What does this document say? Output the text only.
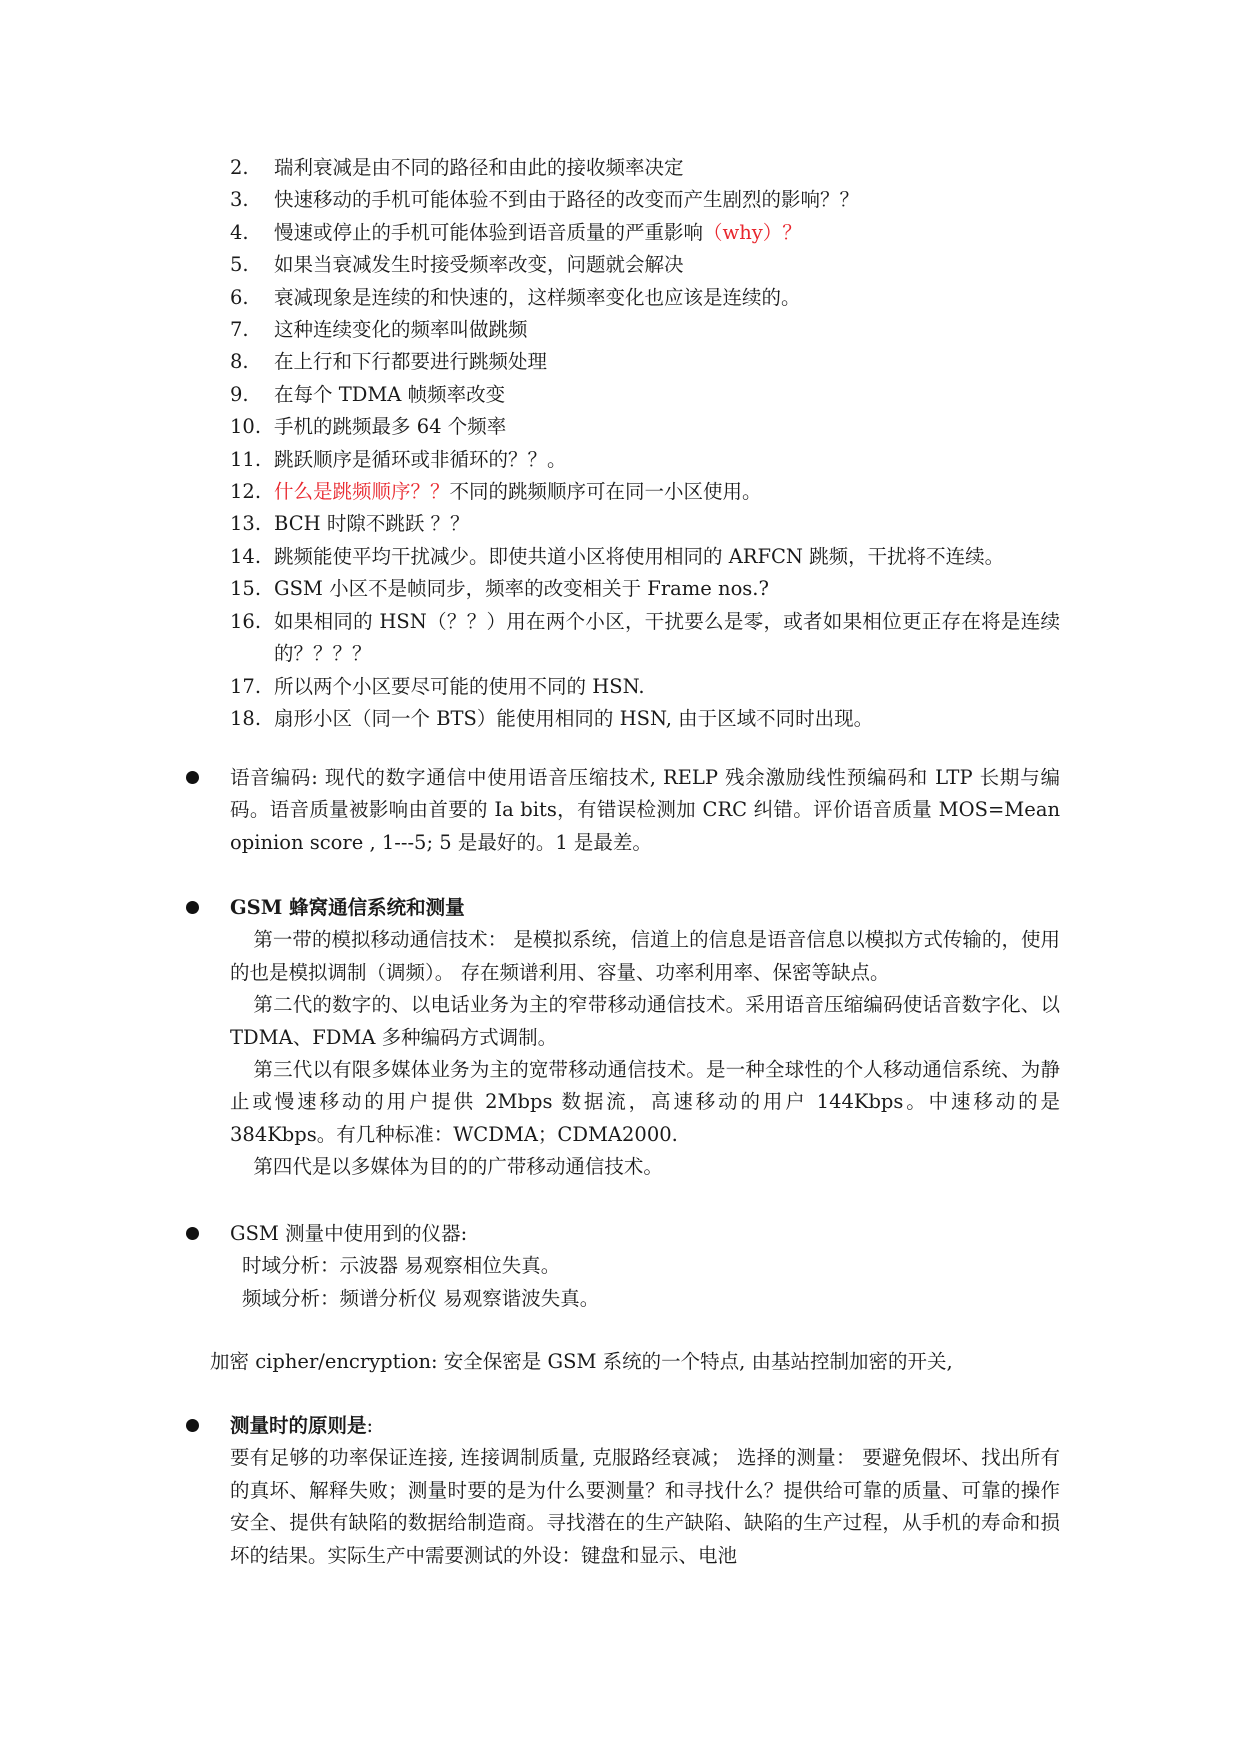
2. 瑞利衰减是由不同的路径和由此的接收频率决定
3. 快速移动的手机可能体验不到由于路径的改变而产生剧烈的影响？？
4. 慢速或停止的手机可能体验到语音质量的严重影响（why）？
5. 如果当衰减发生时接受频率改变，问题就会解决
6. 衰减现象是连续的和快速的，这样频率变化也应该是连续的。
7. 这种连续变化的频率叫做跳频
8. 在上行和下行都要进行跳频处理
9. 在每个 TDMA 帧频率改变
10. 手机的跳频最多 64 个频率
11. 跳跃顺序是循环或非循环的？？。
12. 什么是跳频顺序？？不同的跳频顺序可在同一小区使用。
13. BCH 时隙不跳跃 ？？
14. 跳频能使平均干扰减少。即使共道小区将使用相同的 ARFCN 跳频，干扰将不连续。
15. GSM 小区不是帧同步，频率的改变相关于 Frame nos.?
16. 如果相同的 HSN（？？）用在两个小区，干扰要么是零，或者如果相位更正存在将是连续的？？？？
17. 所以两个小区要尽可能的使用不同的 HSN.
18. 扇形小区（同一个 BTS）能使用相同的 HSN, 由于区域不同时出现。
语音编码: 现代的数字通信中使用语音压缩技术, RELP 残余激励线性预编码和 LTP 长期与编码。语音质量被影响由首要的 Ia bits，有错误检测加 CRC 纠错。评价语音质量 MOS=Mean opinion score , 1---5; 5 是最好的。1 是最差。
GSM 蜂窝通信系统和测量
第一带的模拟移动通信技术： 是模拟系统，信道上的信息是语音信息以模拟方式传输的，使用的也是模拟调制（调频）。 存在频谱利用、容量、功率利用率、保密等缺点。
第二代的数字的、以电话业务为主的窄带移动通信技术。采用语音压缩编码使话音数字化、以 TDMA、FDMA 多种编码方式调制。
第三代以有限多媒体业务为主的宽带移动通信技术。是一种全球性的个人移动通信系统、为静止或慢速移动的用户提供 2Mbps 数据流，高速移动的用户 144Kbps。中速移动的是 384Kbps。有几种标准：WCDMA；CDMA2000.
第四代是以多媒体为目的的广带移动通信技术。
GSM 测量中使用到的仪器:
时域分析：示波器 易观察相位失真。
频域分析：频谱分析仪 易观察谐波失真。
加密 cipher/encryption: 安全保密是 GSM 系统的一个特点, 由基站控制加密的开关,
测量时的原则是:
要有足够的功率保证连接, 连接调制质量, 克服路经衰减； 选择的测量： 要避免假坏、找出所有的真坏、解释失败；测量时要的是为什么要测量？和寻找什么？提供给可靠的质量、可靠的操作安全、提供有缺陷的数据给制造商。寻找潜在的生产缺陷、缺陷的生产过程，从手机的寿命和损坏的结果。实际生产中需要测试的外设：键盘和显示、电池
